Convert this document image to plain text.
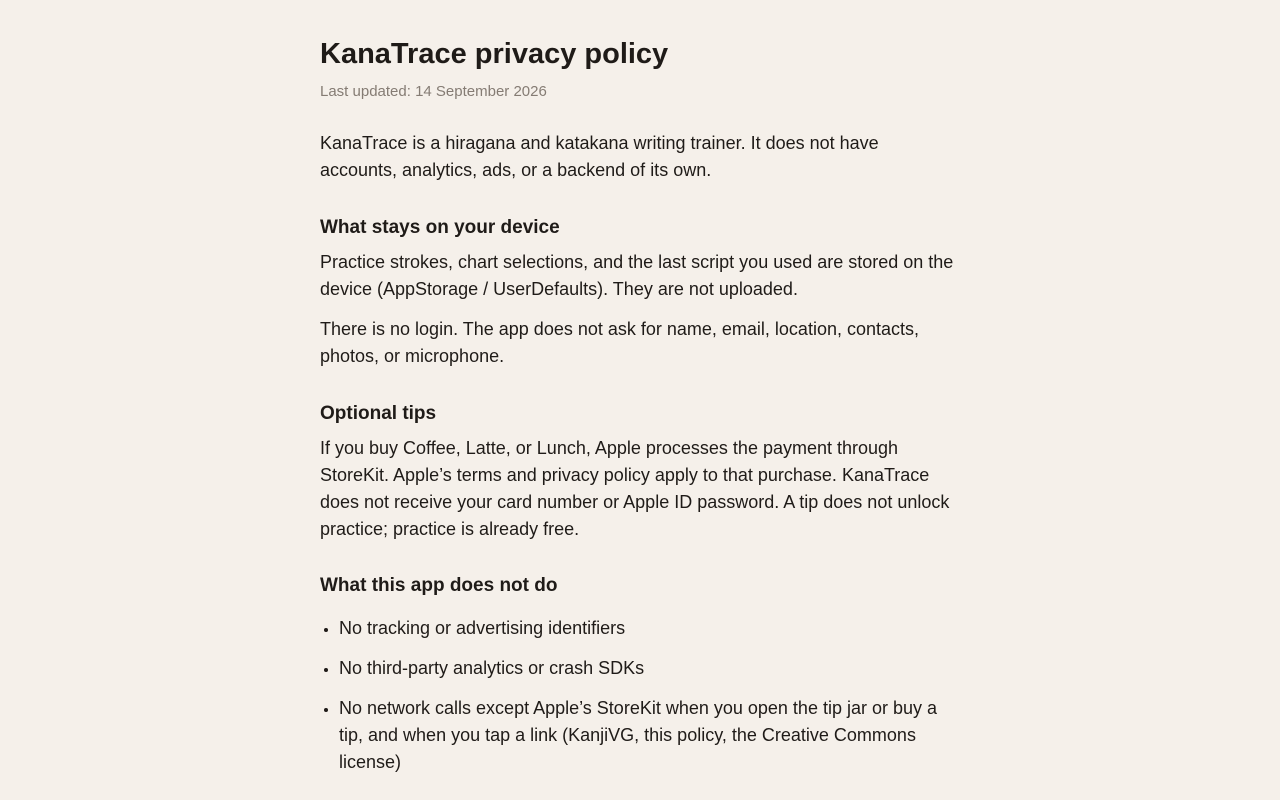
KanaTrace privacy policy
Last updated: 14 September 2026

KanaTrace is a hiragana and katakana writing trainer. It does not have accounts, analytics, ads, or a backend of its own.

What stays on your device

Practice strokes, chart selections, and the last script you used are stored on the device (AppStorage / UserDefaults). They are not uploaded.

There is no login. The app does not ask for name, email, location, contacts, photos, or microphone.

Optional tips

If you buy Coffee, Latte, or Lunch, Apple processes the payment through StoreKit. Apple’s terms and privacy policy apply to that purchase. KanaTrace does not receive your card number or Apple ID password. A tip does not unlock practice; practice is already free.

What this app does not do
• No tracking or advertising identifiers
• No third-party analytics or crash SDKs
• No network calls except Apple’s StoreKit when you open the tip jar or buy a tip, and when you tap a link (KanjiVG, this policy, the Creative Commons license)
